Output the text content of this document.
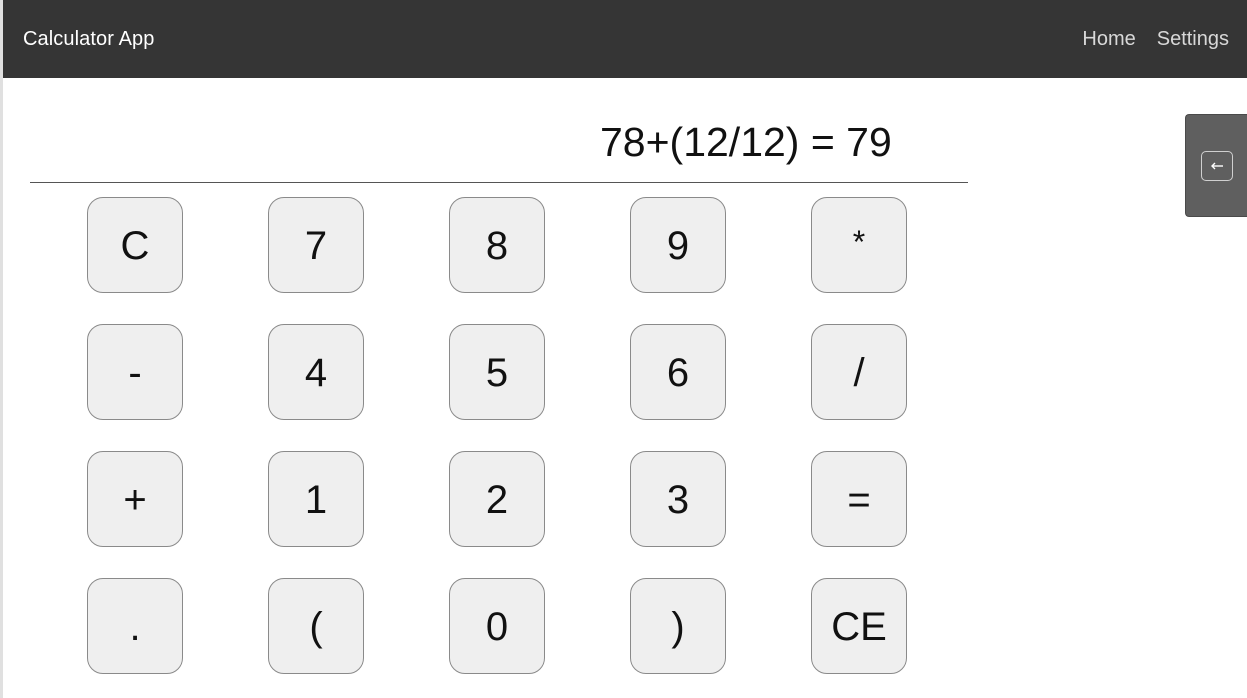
Calculator App	Home Settings
78+(12/12) = 79
C	7	8	9	*
-	4	5	6	/
+	1	2	3	=
.	(	0	)	CE
